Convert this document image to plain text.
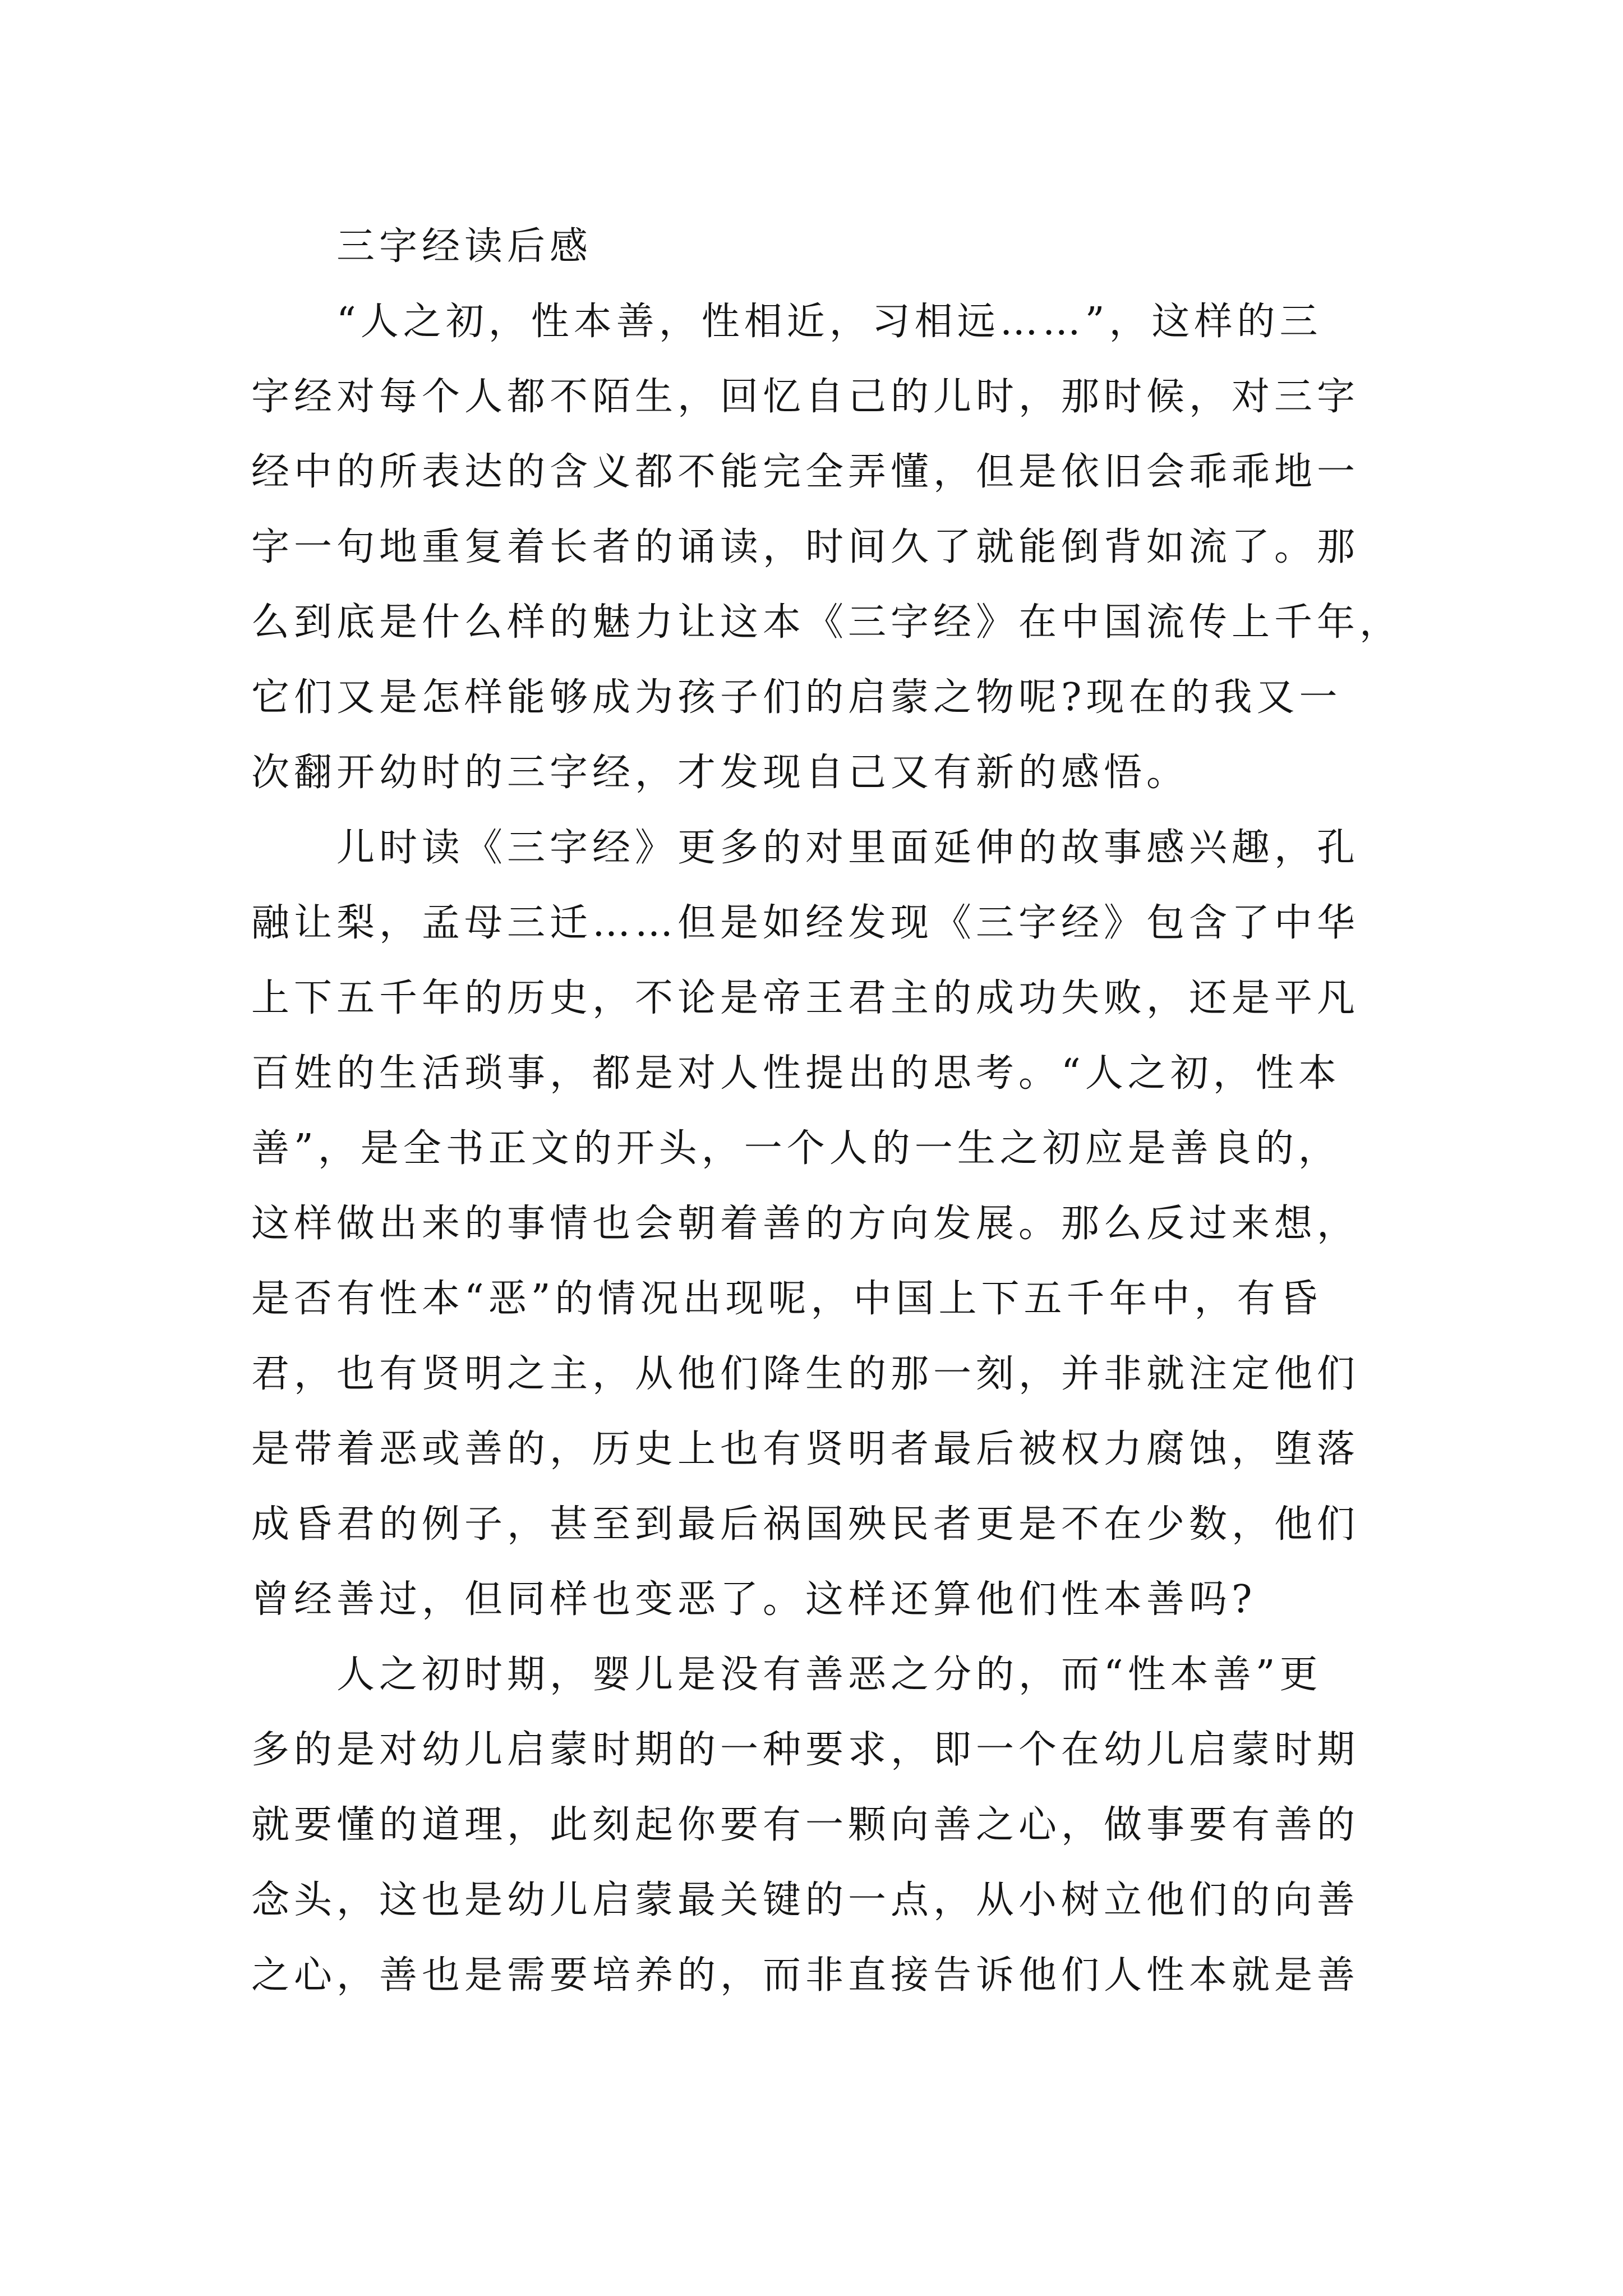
三字经读后感
“人之初，性本善，性相近，习相远……”，这样的三
字经对每个人都不陌生，回忆自己的儿时，那时候，对三字
经中的所表达的含义都不能完全弄懂，但是依旧会乖乖地一
字一句地重复着长者的诵读，时间久了就能倒背如流了。那
么到底是什么样的魅力让这本《三字经》在中国流传上千年，
它们又是怎样能够成为孩子们的启蒙之物呢?现在的我又一
次翻开幼时的三字经，才发现自己又有新的感悟。
儿时读《三字经》更多的对里面延伸的故事感兴趣，孔
融让梨，孟母三迁……但是如经发现《三字经》包含了中华
上下五千年的历史，不论是帝王君主的成功失败，还是平凡
百姓的生活琐事，都是对人性提出的思考。“人之初，性本
善”，是全书正文的开头，一个人的一生之初应是善良的，
这样做出来的事情也会朝着善的方向发展。那么反过来想，
是否有性本“恶”的情况出现呢，中国上下五千年中，有昏
君，也有贤明之主，从他们降生的那一刻，并非就注定他们
是带着恶或善的，历史上也有贤明者最后被权力腐蚀，堕落
成昏君的例子，甚至到最后祸国殃民者更是不在少数，他们
曾经善过，但同样也变恶了。这样还算他们性本善吗?
人之初时期，婴儿是没有善恶之分的，而“性本善”更
多的是对幼儿启蒙时期的一种要求，即一个在幼儿启蒙时期
就要懂的道理，此刻起你要有一颗向善之心，做事要有善的
念头，这也是幼儿启蒙最关键的一点，从小树立他们的向善
之心，善也是需要培养的，而非直接告诉他们人性本就是善
